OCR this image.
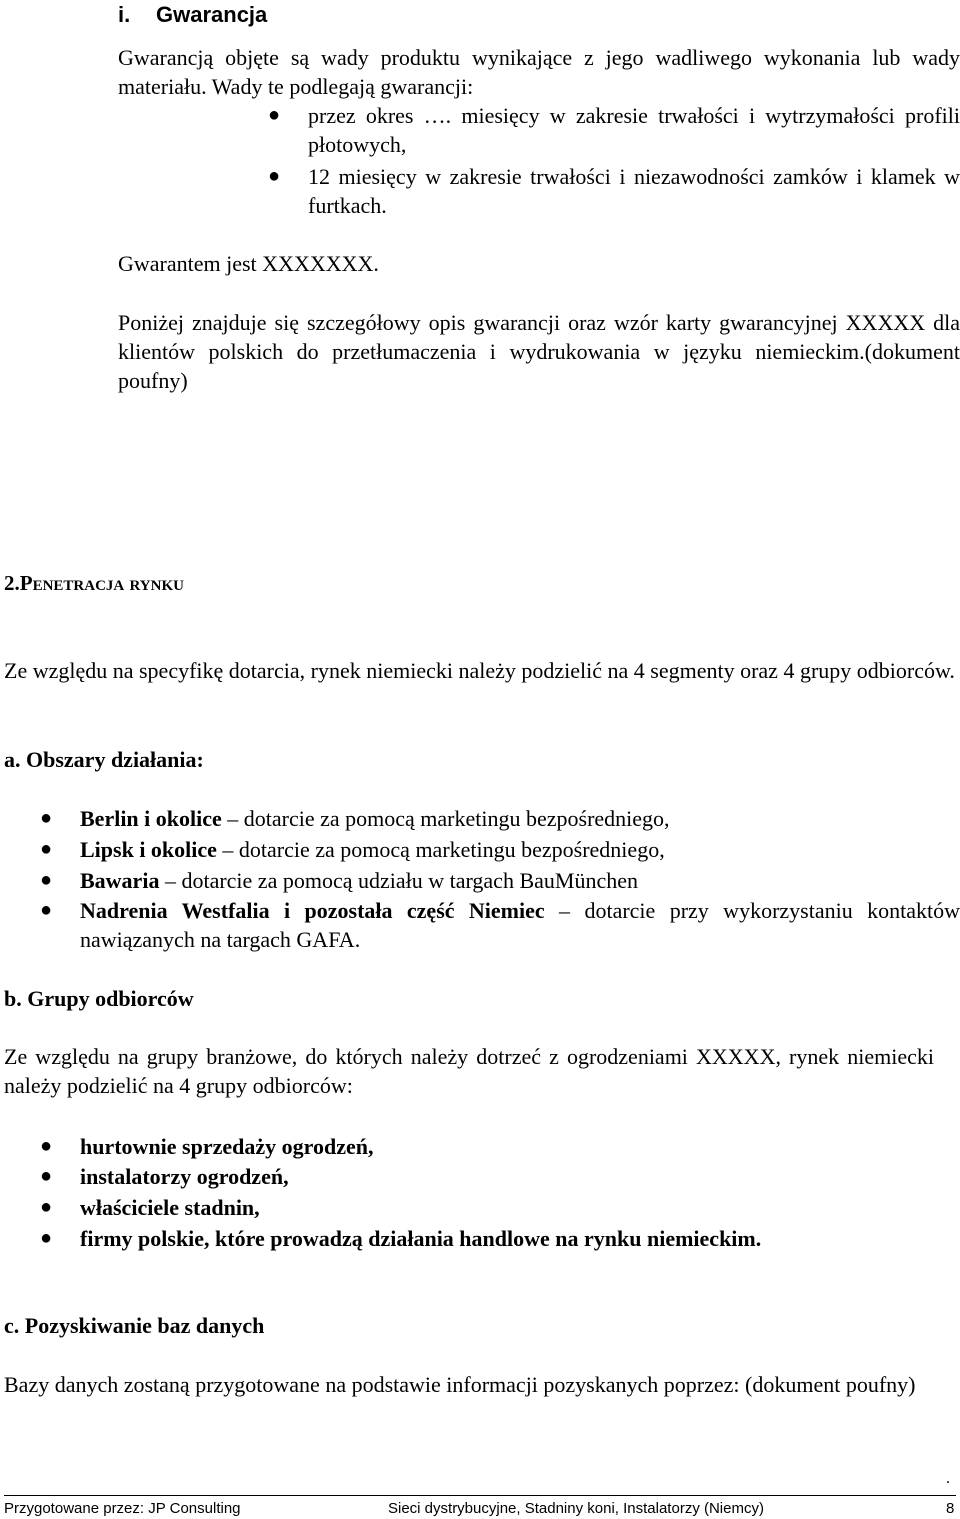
i. Gwarancja
Gwarancją objęte są wady produktu wynikające z jego wadliwego wykonania lub wady materiału. Wady te podlegają gwarancji:
● przez okres …. miesięcy w zakresie trwałości i wytrzymałości profili płotowych,
● 12 miesięcy w zakresie trwałości i niezawodności zamków i klamek w furtkach.
Gwarantem jest XXXXXXX.
Poniżej znajduje się szczegółowy opis gwarancji oraz wzór karty gwarancyjnej XXXXX dla klientów polskich do przetłumaczenia i wydrukowania w języku niemieckim.(dokument poufny)
2.Penetracja rynku
Ze względu na specyfikę dotarcia, rynek niemiecki należy podzielić na 4 segmenty oraz 4 grupy odbiorców.
a. Obszary działania:
● Berlin i okolice – dotarcie za pomocą marketingu bezpośredniego,
● Lipsk i okolice – dotarcie za pomocą marketingu bezpośredniego,
● Bawaria – dotarcie za pomocą udziału w targach BauMünchen
● Nadrenia Westfalia i pozostała część Niemiec – dotarcie przy wykorzystaniu kontaktów nawiązanych na targach GAFA.
b. Grupy odbiorców
Ze względu na grupy branżowe, do których należy dotrzeć z ogrodzeniami XXXXX, rynek niemiecki należy podzielić na 4 grupy odbiorców:
● hurtownie sprzedaży ogrodzeń,
● instalatorzy ogrodzeń,
● właściciele stadnin,
● firmy polskie, które prowadzą działania handlowe na rynku niemieckim.
c. Pozyskiwanie baz danych
Bazy danych zostaną przygotowane na podstawie informacji pozyskanych poprzez: (dokument poufny)
.
Przygotowane przez: JP Consulting	Sieci dystrybucyjne, Stadniny koni, Instalatorzy (Niemcy)	8
